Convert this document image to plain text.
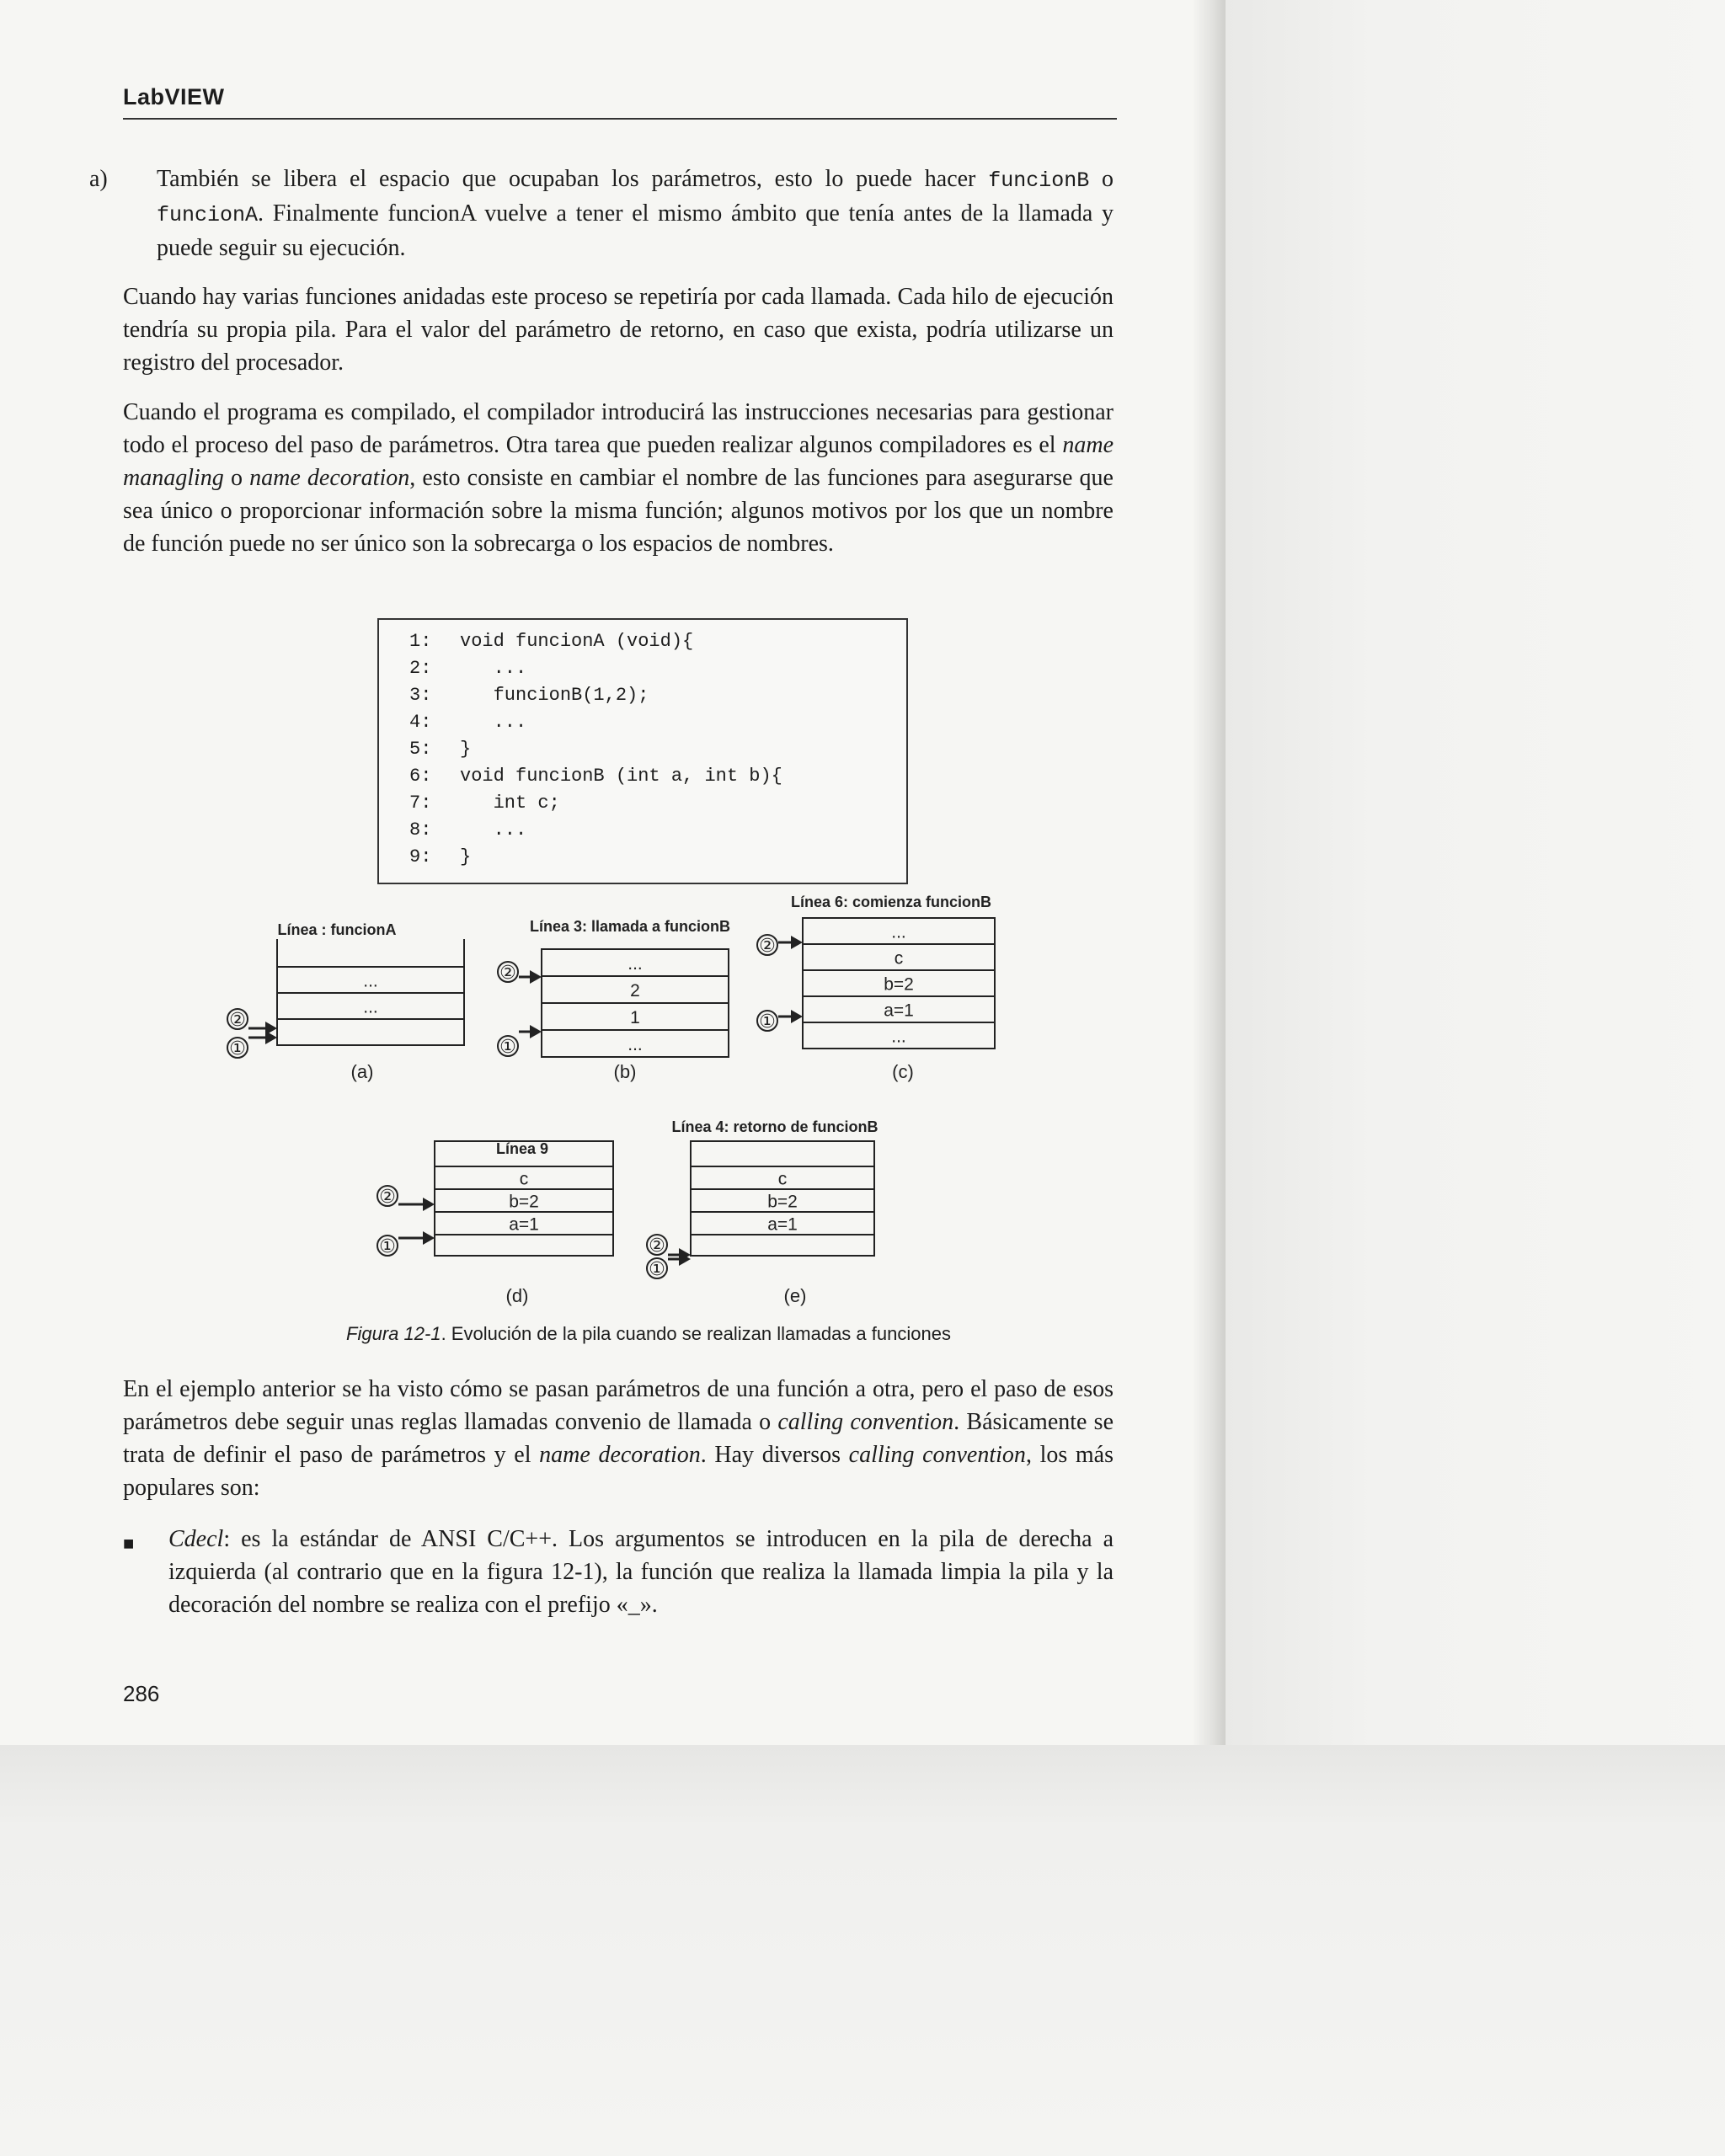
LabVIEW
a) También se libera el espacio que ocupaban los parámetros, esto lo puede hacer funcionB o funcionA. Finalmente funcionA vuelve a tener el mismo ámbito que tenía antes de la llamada y puede seguir su ejecución.
Cuando hay varias funciones anidadas este proceso se repetiría por cada llamada. Cada hilo de ejecución tendría su propia pila. Para el valor del parámetro de retorno, en caso que exista, podría utilizarse un registro del procesador.
Cuando el programa es compilado, el compilador introducirá las instrucciones necesarias para gestionar todo el proceso del paso de parámetros. Otra tarea que pueden realizar algunos compiladores es el name managling o name decoration, esto consiste en cambiar el nombre de las funciones para asegurarse que sea único o proporcionar información sobre la misma función; algunos motivos por los que un nombre de función puede no ser único son la sobrecarga o los espacios de nombres.
1: void funcionA (void){
2:   ...
3:   funcionB(1,2);
4:   ...
5: }
6: void funcionB (int a, int b){
7:   int c;
8:   ...
9: }
Línea : funcionA
...
...
(a)
②
①
Línea 3: llamada a funcionB
...
2
1
...
(b)
②
①
Línea 6: comienza funcionB
...
c
b=2
a=1
...
(c)
②
①
Línea 9
c
b=2
a=1
(d)
②
①
Línea 4: retorno de funcionB
c
b=2
a=1
(e)
②
①
Figura 12-1. Evolución de la pila cuando se realizan llamadas a funciones
En el ejemplo anterior se ha visto cómo se pasan parámetros de una función a otra, pero el paso de esos parámetros debe seguir unas reglas llamadas convenio de llamada o calling convention. Básicamente se trata de definir el paso de parámetros y el name decoration. Hay diversos calling convention, los más populares son:
■ Cdecl: es la estándar de ANSI C/C++. Los argumentos se introducen en la pila de derecha a izquierda (al contrario que en la figura 12-1), la función que realiza la llamada limpia la pila y la decoración del nombre se realiza con el prefijo «_».
286
